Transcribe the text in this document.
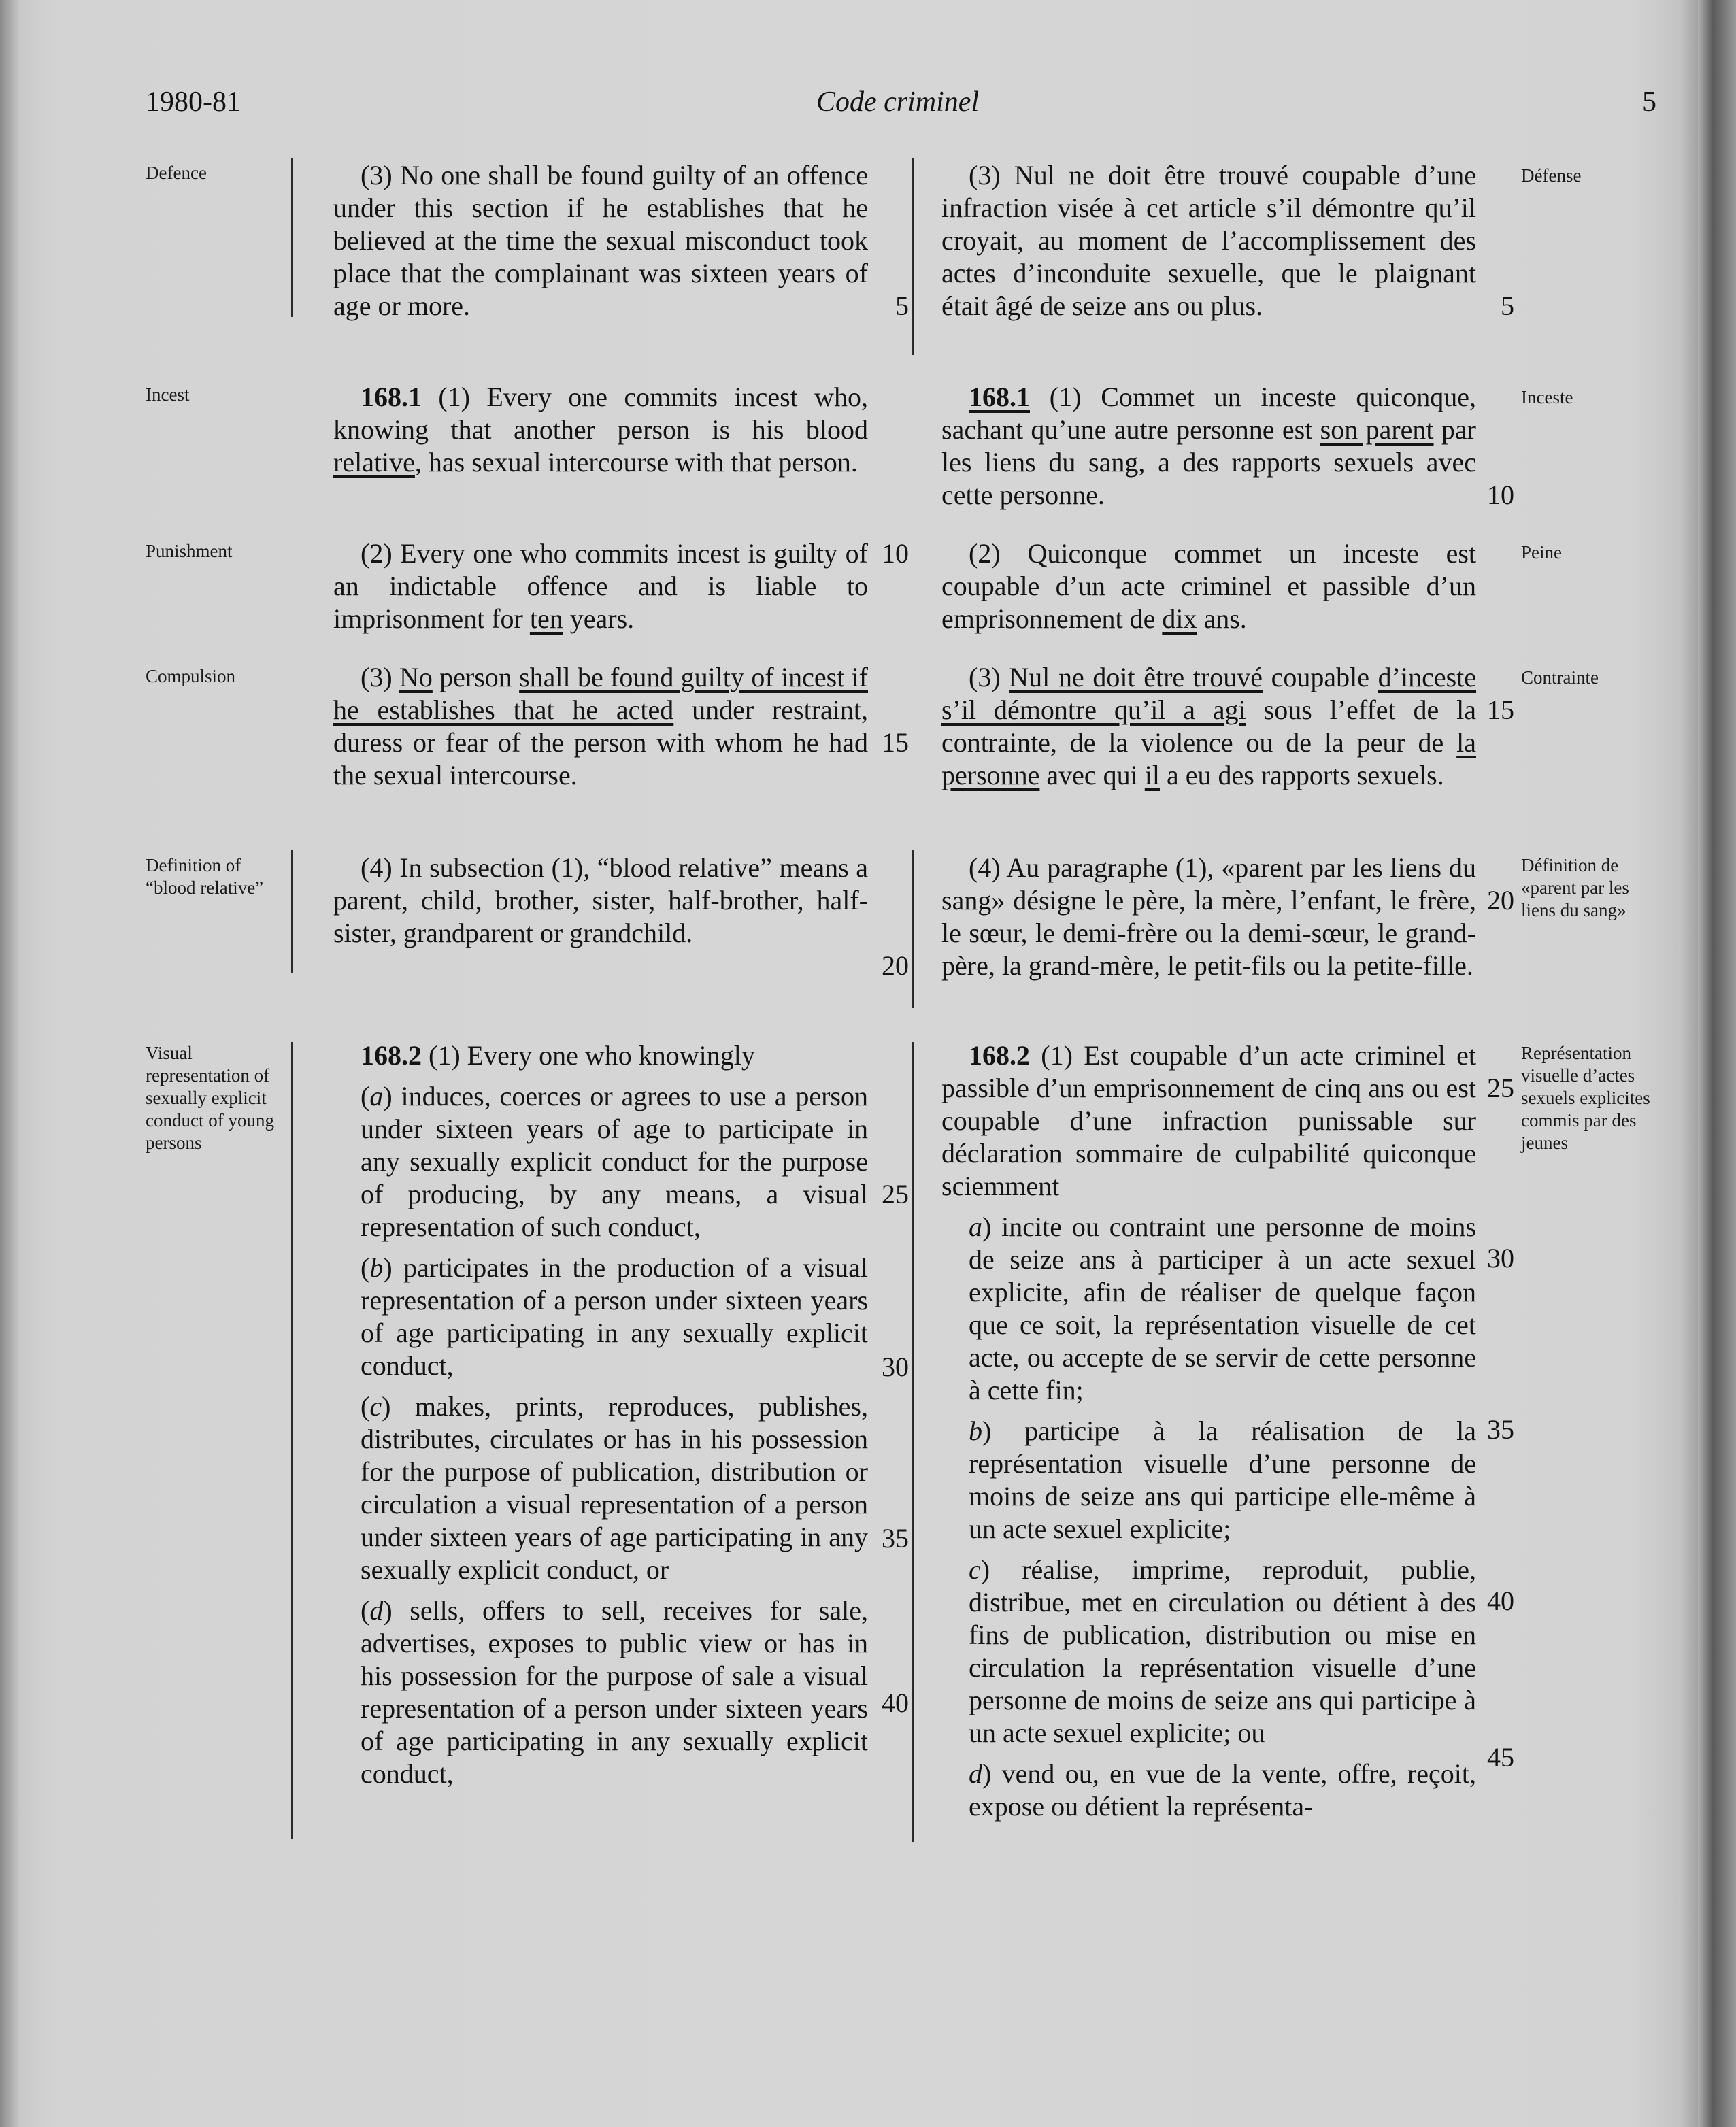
1980-81	Code criminel	5
Defence
Incest
Punishment
Compulsion
Definition of “blood relative”
Visual representation of sexually explicit conduct of young persons
Défense
Inceste
Peine
Contrainte
Définition de «parent par les liens du sang»
Représentation visuelle d’actes sexuels explicites commis par des jeunes
(3) No one shall be found guilty of an offence under this section if he establishes that he believed at the time the sexual misconduct took place that the complainant was sixteen years of age or more.
168.1 (1) Every one commits incest who, knowing that another person is his blood relative, has sexual intercourse with that person.
(2) Every one who commits incest is guilty of an indictable offence and is liable to imprisonment for ten years.
(3) No person shall be found guilty of incest if he establishes that he acted under restraint, duress or fear of the person with whom he had the sexual intercourse.
(4) In subsection (1), “blood relative” means a parent, child, brother, sister, half-brother, half-sister, grandparent or grandchild.
168.2 (1) Every one who knowingly
(a) induces, coerces or agrees to use a person under sixteen years of age to participate in any sexually explicit conduct for the purpose of producing, by any means, a visual representation of such conduct,
(b) participates in the production of a visual representation of a person under sixteen years of age participating in any sexually explicit conduct,
(c) makes, prints, reproduces, publishes, distributes, circulates or has in his possession for the purpose of publication, distribution or circulation a visual representation of a person under sixteen years of age participating in any sexually explicit conduct, or
(d) sells, offers to sell, receives for sale, advertises, exposes to public view or has in his possession for the purpose of sale a visual representation of a person under sixteen years of age participating in any sexually explicit conduct,
5
10
15
20
25
30
35
40
(3) Nul ne doit être trouvé coupable d’une infraction visée à cet article s’il démontre qu’il croyait, au moment de l’accomplissement des actes d’inconduite sexuelle, que le plaignant était âgé de seize ans ou plus.
168.1 (1) Commet un inceste quiconque, sachant qu’une autre personne est son parent par les liens du sang, a des rapports sexuels avec cette personne.
(2) Quiconque commet un inceste est coupable d’un acte criminel et passible d’un emprisonnement de dix ans.
(3) Nul ne doit être trouvé coupable d’inceste s’il démontre qu’il a agi sous l’effet de la contrainte, de la violence ou de la peur de la personne avec qui il a eu des rapports sexuels.
(4) Au paragraphe (1), «parent par les liens du sang» désigne le père, la mère, l’enfant, le frère, le sœur, le demi-frère ou la demi-sœur, le grand-père, la grand-mère, le petit-fils ou la petite-fille.
168.2 (1) Est coupable d’un acte criminel et passible d’un emprisonnement de cinq ans ou est coupable d’une infraction punissable sur déclaration sommaire de culpabilité quiconque sciemment
a) incite ou contraint une personne de moins de seize ans à participer à un acte sexuel explicite, afin de réaliser de quelque façon que ce soit, la représentation visuelle de cet acte, ou accepte de se servir de cette personne à cette fin;
b) participe à la réalisation de la représentation visuelle d’une personne de moins de seize ans qui participe elle-même à un acte sexuel explicite;
c) réalise, imprime, reproduit, publie, distribue, met en circulation ou détient à des fins de publication, distribution ou mise en circulation la représentation visuelle d’une personne de moins de seize ans qui participe à un acte sexuel explicite; ou
d) vend ou, en vue de la vente, offre, reçoit, expose ou détient la représenta-
5
10
15
20
25
30
35
40
45
